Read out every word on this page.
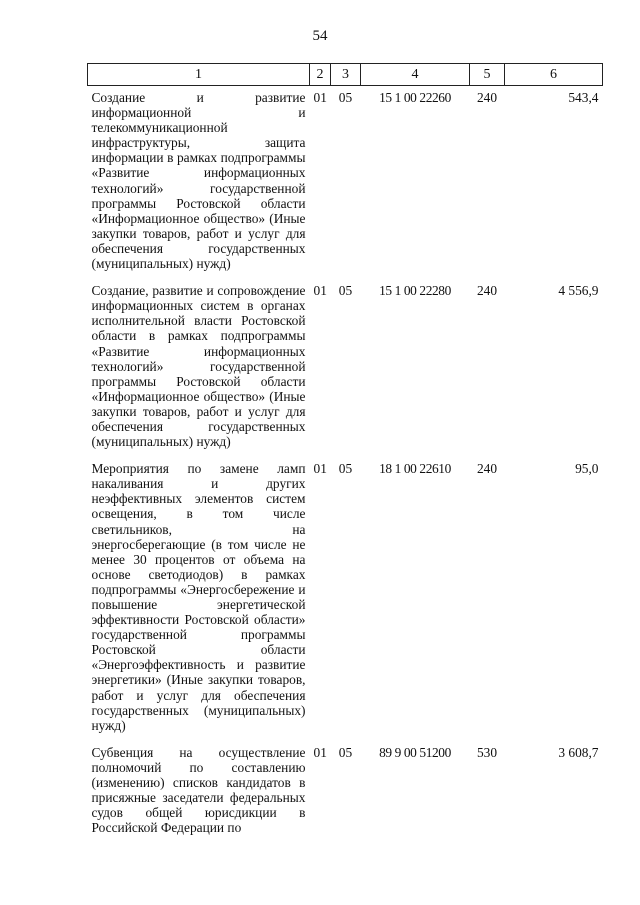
54
1	2	3	4	5	6
Создание и развитие информационной и телекоммуникационной инфраструктуры, защита информации в рамках подпрограммы «Развитие информационных технологий» государственной программы Ростовской области «Информационное общество» (Иные закупки товаров, работ и услуг для обеспечения государственных (муниципальных) нужд)	01	05	15 1 00 22260	240	543,4
Создание, развитие и сопровождение информационных систем в органах исполнительной власти Ростовской области в рамках подпрограммы «Развитие информационных технологий» государственной программы Ростовской области «Информационное общество» (Иные закупки товаров, работ и услуг для обеспечения государственных (муниципальных) нужд)	01	05	15 1 00 22280	240	4 556,9
Мероприятия по замене ламп накаливания и других неэффективных элементов систем освещения, в том числе светильников, на энергосберегающие (в том числе не менее 30 процентов от объема на основе светодиодов) в рамках подпрограммы «Энергосбережение и повышение энергетической эффективности Ростовской области» государственной программы Ростовской области «Энергоэффективность и развитие энергетики» (Иные закупки товаров, работ и услуг для обеспечения государственных (муниципальных) нужд)	01	05	18 1 00 22610	240	95,0
Субвенция на осуществление полномочий по составлению (изменению) списков кандидатов в присяжные заседатели федеральных судов общей юрисдикции в Российской Федерации по	01	05	89 9 00 51200	530	3 608,7
